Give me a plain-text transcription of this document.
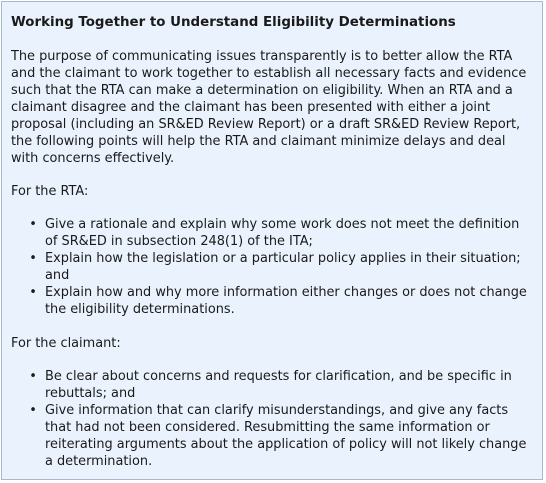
Working Together to Understand Eligibility Determinations

The purpose of communicating issues transparently is to better allow the RTA and the claimant to work together to establish all necessary facts and evidence such that the RTA can make a determination on eligibility. When an RTA and a claimant disagree and the claimant has been presented with either a joint proposal (including an SR&ED Review Report) or a draft SR&ED Review Report, the following points will help the RTA and claimant minimize delays and deal with concerns effectively.

For the RTA:

• Give a rationale and explain why some work does not meet the definition of SR&ED in subsection 248(1) of the ITA;
• Explain how the legislation or a particular policy applies in their situation; and
• Explain how and why more information either changes or does not change the eligibility determinations.

For the claimant:

• Be clear about concerns and requests for clarification, and be specific in rebuttals; and
• Give information that can clarify misunderstandings, and give any facts that had not been considered. Resubmitting the same information or reiterating arguments about the application of policy will not likely change a determination.
